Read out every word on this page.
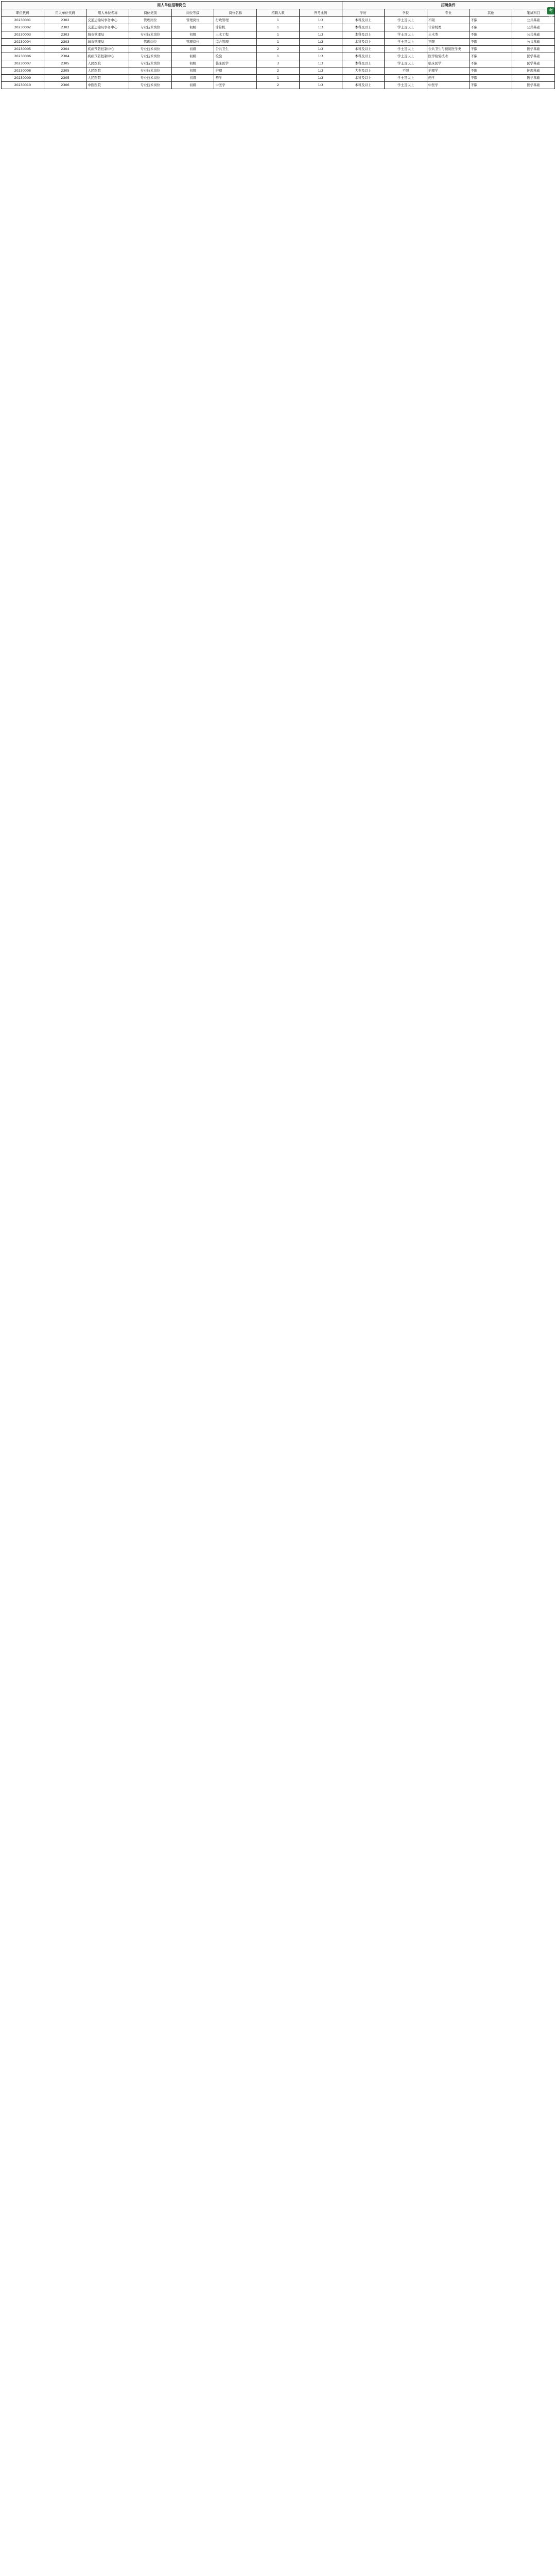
用人单位招聘岗位								招聘条件				
职位代码	用人单位代码	用人单位名称	岗位类别	岗位等级	岗位名称	招聘人数	开考比例	学历	学位	专业	其他	笔试科目
20230001	2302	交通运输局事务中心	管理岗位	管理岗位	行政管理	1	1:3	本科及以上	学士及以上	不限	不限	公共基础
20230002	2302	交通运输局事务中心	专业技术岗位	初级	计算机	1	1:3	本科及以上	学士及以上	计算机类	不限	公共基础
20230003	2303	城市管理局	专业技术岗位	初级	土木工程	1	1:3	本科及以上	学士及以上	土木类	不限	公共基础
20230004	2303	城市管理局	管理岗位	管理岗位	综合管理	1	1:3	本科及以上	学士及以上	不限	不限	公共基础
20230005	2304	疾病预防控制中心	专业技术岗位	初级	公共卫生	2	1:3	本科及以上	学士及以上	公共卫生与预防医学类	不限	医学基础
20230006	2304	疾病预防控制中心	专业技术岗位	初级	检验	1	1:3	本科及以上	学士及以上	医学检验技术	不限	医学基础
20230007	2305	人民医院	专业技术岗位	初级	临床医学	3	1:3	本科及以上	学士及以上	临床医学	不限	医学基础
20230008	2305	人民医院	专业技术岗位	初级	护理	2	1:3	大专及以上	不限	护理学	不限	护理基础
20230009	2305	人民医院	专业技术岗位	初级	药学	1	1:3	本科及以上	学士及以上	药学	不限	医学基础
20230010	2306	中医医院	专业技术岗位	初级	中医学	2	1:3	本科及以上	学士及以上	中医学	不限	医学基础
考试
